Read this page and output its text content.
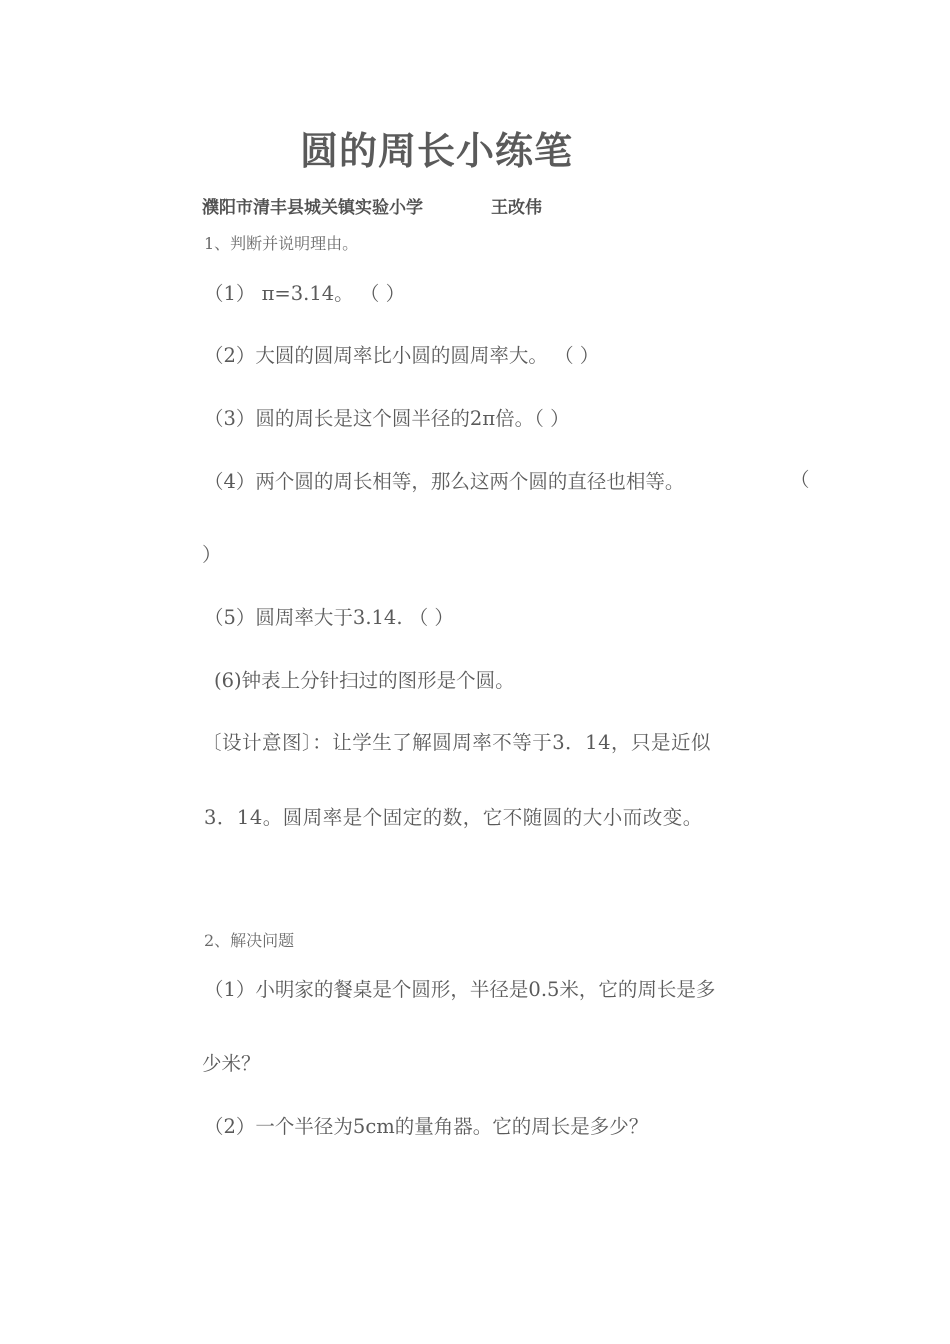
圆的周长小练笔
濮阳市清丰县城关镇实验小学	王改伟
1、判断并说明理由。
（1） π=3.14。 （ ）
（2）大圆的圆周率比小圆的圆周率大。 （ ）
（3）圆的周长是这个圆半径的2π倍。（ ）
（4）两个圆的周长相等，那么这两个圆的直径也相等。	（
）
（5）圆周率大于3.14. （ ）
(6)钟表上分针扫过的图形是个圆。
〔设计意图〕：让学生了解圆周率不等于3．14，只是近似
3．14。圆周率是个固定的数，它不随圆的大小而改变。
2、解决问题
（1）小明家的餐桌是个圆形，半径是0.5米，它的周长是多
少米？
（2）一个半径为5cm的量角器。它的周长是多少？
